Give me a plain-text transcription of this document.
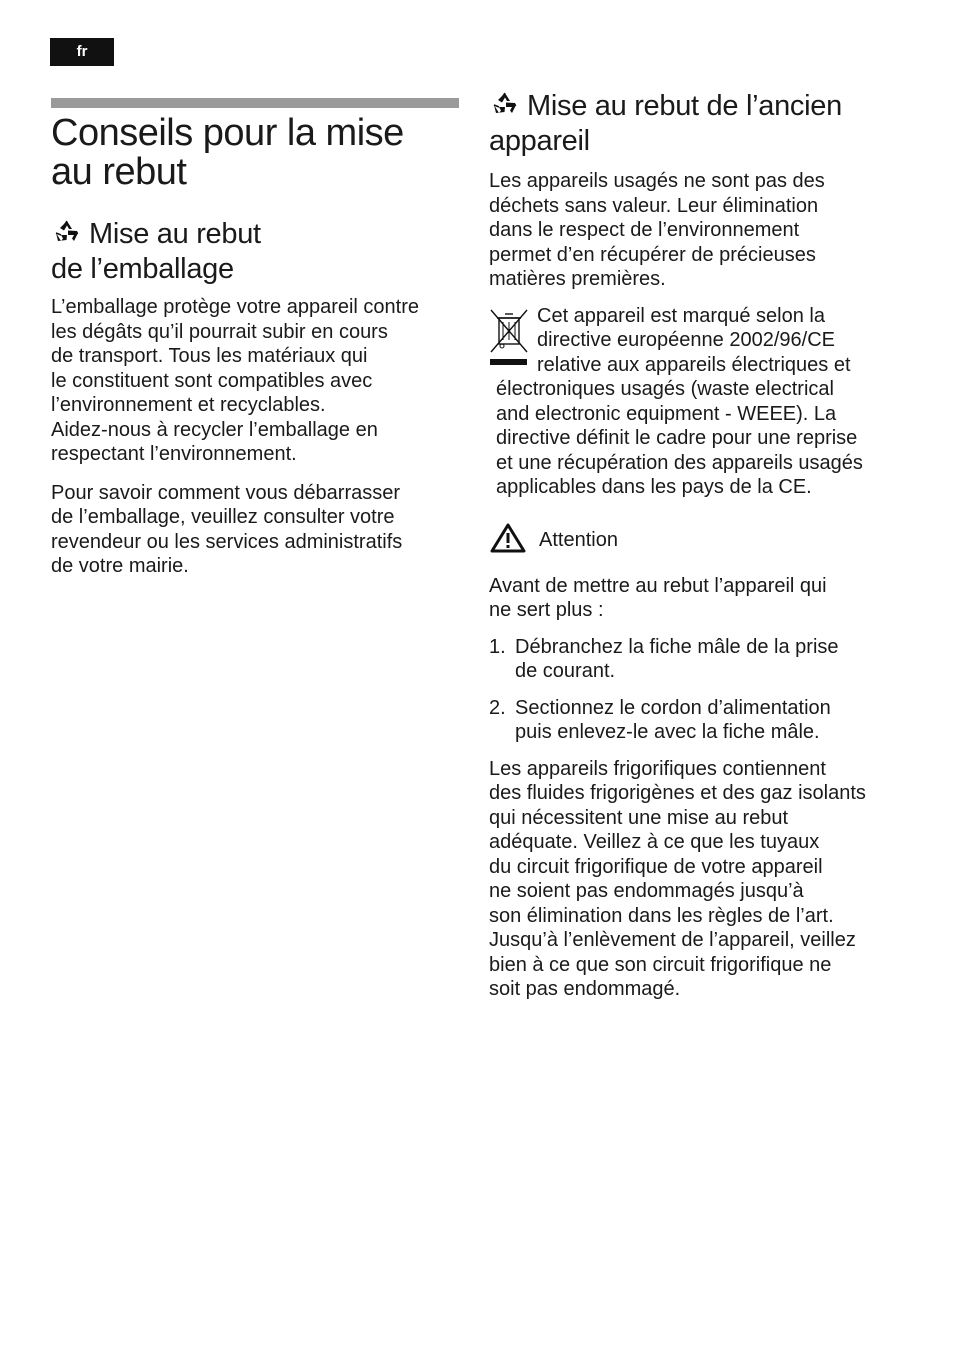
fr
Conseils pour la mise
au rebut
Mise au rebut
de l’emballage

L’emballage protège votre appareil contre
les dégâts qu’il pourrait subir en cours
de transport. Tous les matériaux qui
le constituent sont compatibles avec
l’environnement et recyclables.
Aidez-nous à recycler l’emballage en
respectant l’environnement.

Pour savoir comment vous débarrasser
de l’emballage, veuillez consulter votre
revendeur ou les services administratifs
de votre mairie.

Mise au rebut de l’ancien
appareil

Les appareils usagés ne sont pas des
déchets sans valeur. Leur élimination
dans le respect de l’environnement
permet d’en récupérer de précieuses
matières premières.

Cet appareil est marqué selon la
directive européenne 2002/96/CE
relative aux appareils électriques et

électroniques usagés (waste electrical
and electronic equipment - WEEE). La
directive définit le cadre pour une reprise
et une récupération des appareils usagés
applicables dans les pays de la CE.

Attention

Avant de mettre au rebut l’appareil qui
ne sert plus :

1. Débranchez la fiche mâle de la prise
de courant.
2. Sectionnez le cordon d’alimentation
puis enlevez-le avec la fiche mâle.

Les appareils frigorifiques contiennent
des fluides frigorigènes et des gaz isolants
qui nécessitent une mise au rebut
adéquate. Veillez à ce que les tuyaux
du circuit frigorifique de votre appareil
ne soient pas endommagés jusqu’à
son élimination dans les règles de l’art.
Jusqu’à l’enlèvement de l’appareil, veillez
bien à ce que son circuit frigorifique ne
soit pas endommagé.
